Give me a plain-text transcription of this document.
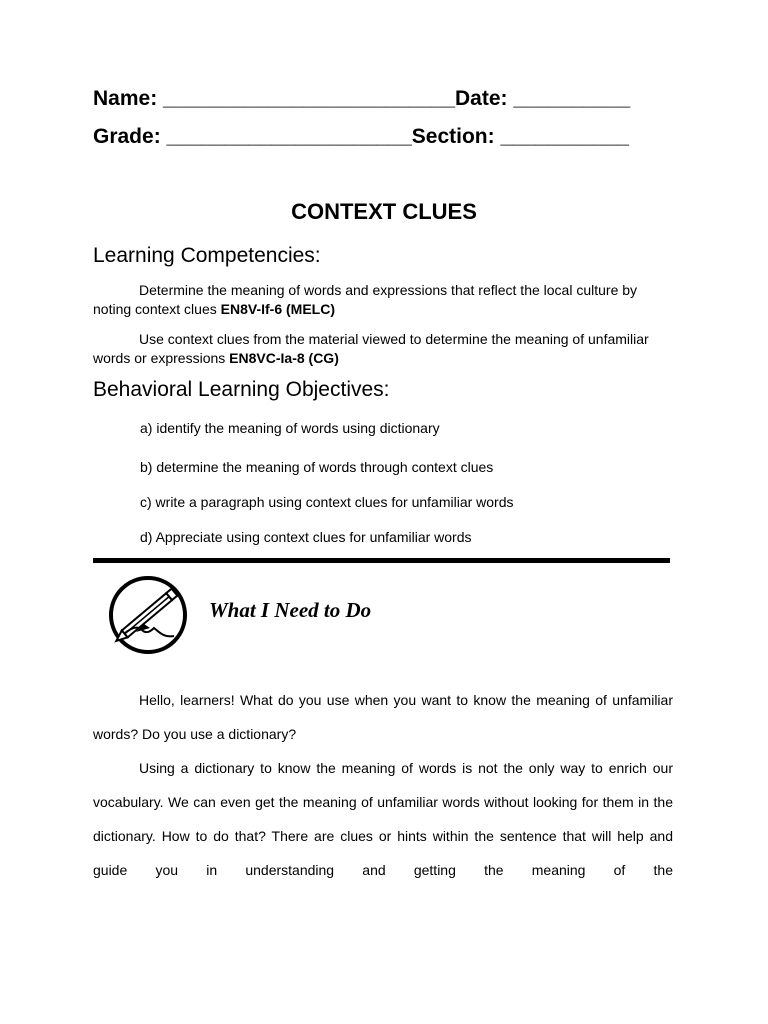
Name: _________________________Date: __________
Grade: _____________________Section: ___________
CONTEXT CLUES
Learning Competencies:
Determine the meaning of words and expressions that reflect the local culture by noting context clues EN8V-If-6 (MELC)
Use context clues from the material viewed to determine the meaning of unfamiliar words or expressions EN8VC-Ia-8 (CG)
Behavioral Learning Objectives:
a) identify the meaning of words using dictionary
b) determine the meaning of words through context clues
c) write a paragraph using context clues for unfamiliar words
d) Appreciate using context clues for unfamiliar words
What I Need to Do
Hello, learners! What do you use when you want to know the meaning of unfamiliar words? Do you use a dictionary?
Using a dictionary to know the meaning of words is not the only way to enrich our vocabulary. We can even get the meaning of unfamiliar words without looking for them in the dictionary. How to do that? There are clues or hints within the sentence that will help and guide you in understanding and getting the meaning of the
